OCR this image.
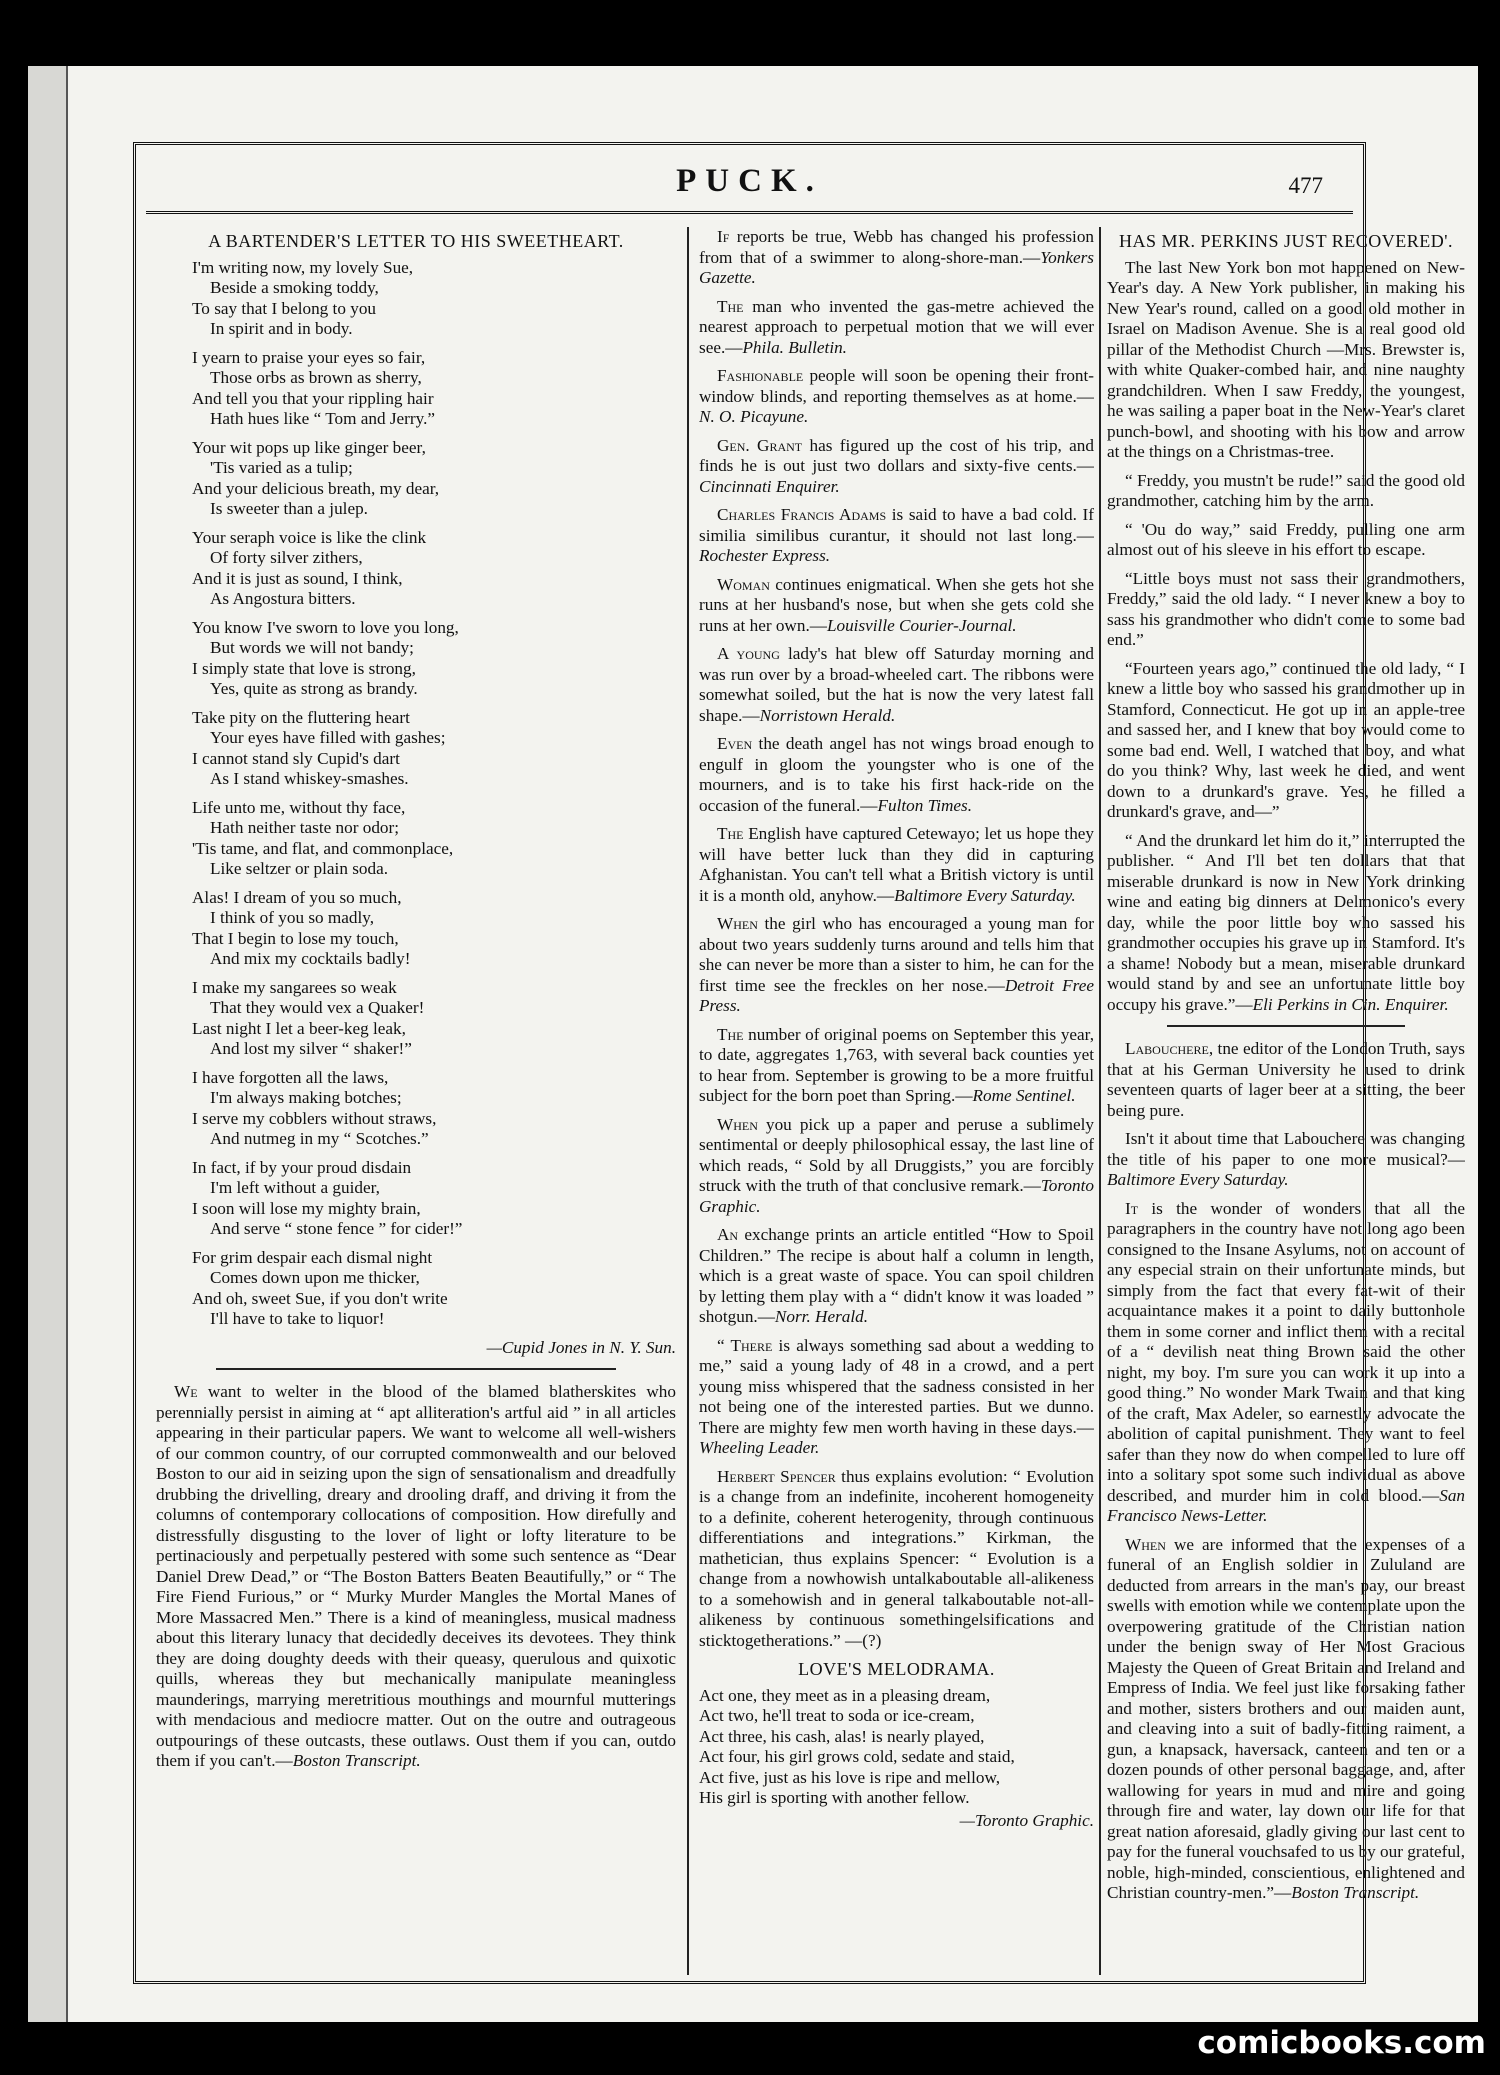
PUCK.	477
A BARTENDER'S LETTER TO HIS SWEETHEART.
I'm writing now, my lovely Sue,
Beside a smoking toddy,
To say that I belong to you
In spirit and in body.
I yearn to praise your eyes so fair,
Those orbs as brown as sherry,
And tell you that your rippling hair
Hath hues like “ Tom and Jerry.”
Your wit pops up like ginger beer,
'Tis varied as a tulip;
And your delicious breath, my dear,
Is sweeter than a julep.
Your seraph voice is like the clink
Of forty silver zithers,
And it is just as sound, I think,
As Angostura bitters.
You know I've sworn to love you long,
But words we will not bandy;
I simply state that love is strong,
Yes, quite as strong as brandy.
Take pity on the fluttering heart
Your eyes have filled with gashes;
I cannot stand sly Cupid's dart
As I stand whiskey-smashes.
Life unto me, without thy face,
Hath neither taste nor odor;
'Tis tame, and flat, and commonplace,
Like seltzer or plain soda.
Alas! I dream of you so much,
I think of you so madly,
That I begin to lose my touch,
And mix my cocktails badly!
I make my sangarees so weak
That they would vex a Quaker!
Last night I let a beer-keg leak,
And lost my silver “ shaker!”
I have forgotten all the laws,
I'm always making botches;
I serve my cobblers without straws,
And nutmeg in my “ Scotches.”
In fact, if by your proud disdain
I'm left without a guider,
I soon will lose my mighty brain,
And serve “ stone fence ” for cider!”
For grim despair each dismal night
Comes down upon me thicker,
And oh, sweet Sue, if you don't write
I'll have to take to liquor!
—Cupid Jones in N. Y. Sun.

We want to welter in the blood of the blamed blatherskites who perennially persist in aiming at “ apt alliteration's artful aid ” in all articles appearing in their particular papers. We want to welcome all well-wishers of our common country, of our corrupted commonwealth and our beloved Boston to our aid in seizing upon the sign of sensationalism and dreadfully drubbing the drivelling, dreary and drooling draff, and driving it from the columns of contemporary collocations of composition. How direfully and distressfully disgusting to the lover of light or lofty literature to be pertinaciously and perpetually pestered with some such sentence as “Dear Daniel Drew Dead,” or “The Boston Batters Beaten Beautifully,” or “ The Fire Fiend Furious,” or “ Murky Murder Mangles the Mortal Manes of More Massacred Men.” There is a kind of meaningless, musical madness about this literary lunacy that decidedly deceives its devotees. They think they are doing doughty deeds with their queasy, querulous and quixotic quills, whereas they but mechanically manipulate meaningless maunderings, marrying meretritious mouthings and mournful mutterings with mendacious and mediocre matter. Out on the outre and outrageous outpourings of these outcasts, these outlaws. Oust them if you can, outdo them if you can't.—Boston Transcript.

If reports be true, Webb has changed his profession from that of a swimmer to along-shore-man.—Yonkers Gazette.

The man who invented the gas-metre achieved the nearest approach to perpetual motion that we will ever see.—Phila. Bulletin.

Fashionable people will soon be opening their front-window blinds, and reporting themselves as at home.—N. O. Picayune.

Gen. Grant has figured up the cost of his trip, and finds he is out just two dollars and sixty-five cents.—Cincinnati Enquirer.

Charles Francis Adams is said to have a bad cold. If similia similibus curantur, it should not last long.—Rochester Express.

Woman continues enigmatical. When she gets hot she runs at her husband's nose, but when she gets cold she runs at her own.—Louisville Courier-Journal.

A young lady's hat blew off Saturday morning and was run over by a broad-wheeled cart. The ribbons were somewhat soiled, but the hat is now the very latest fall shape.—Norristown Herald.

Even the death angel has not wings broad enough to engulf in gloom the youngster who is one of the mourners, and is to take his first hack-ride on the occasion of the funeral.—Fulton Times.

The English have captured Cetewayo; let us hope they will have better luck than they did in capturing Afghanistan. You can't tell what a British victory is until it is a month old, anyhow.—Baltimore Every Saturday.

When the girl who has encouraged a young man for about two years suddenly turns around and tells him that she can never be more than a sister to him, he can for the first time see the freckles on her nose.—Detroit Free Press.

The number of original poems on September this year, to date, aggregates 1,763, with several back counties yet to hear from. September is growing to be a more fruitful subject for the born poet than Spring.—Rome Sentinel.

When you pick up a paper and peruse a sublimely sentimental or deeply philosophical essay, the last line of which reads, “ Sold by all Druggists,” you are forcibly struck with the truth of that conclusive remark.—Toronto Graphic.

An exchange prints an article entitled “How to Spoil Children.” The recipe is about half a column in length, which is a great waste of space. You can spoil children by letting them play with a “ didn't know it was loaded ” shotgun.—Norr. Herald.

“ There is always something sad about a wedding to me,” said a young lady of 48 in a crowd, and a pert young miss whispered that the sadness consisted in her not being one of the interested parties. But we dunno. There are mighty few men worth having in these days.—Wheeling Leader.

Herbert Spencer thus explains evolution: “ Evolution is a change from an indefinite, incoherent homogeneity to a definite, coherent heterogenity, through continuous differentiations and integrations.” Kirkman, the mathetician, thus explains Spencer: “ Evolution is a change from a nowhowish untalkaboutable all-alikeness to a somehowish and in general talkaboutable not-all-alikeness by continuous somethingelsifications and sticktogetherations.” —(?)

LOVE'S MELODRAMA.
Act one, they meet as in a pleasing dream,
Act two, he'll treat to soda or ice-cream,
Act three, his cash, alas! is nearly played,
Act four, his girl grows cold, sedate and staid,
Act five, just as his love is ripe and mellow,
His girl is sporting with another fellow.
—Toronto Graphic.
HAS MR. PERKINS JUST RECOVERED'.

The last New York bon mot happened on New-Year's day. A New York publisher, in making his New Year's round, called on a good old mother in Israel on Madison Avenue. She is a real good old pillar of the Methodist Church —Mrs. Brewster is, with white Quaker-combed hair, and nine naughty grandchildren. When I saw Freddy, the youngest, he was sailing a paper boat in the New-Year's claret punch-bowl, and shooting with his bow and arrow at the things on a Christmas-tree.

“ Freddy, you mustn't be rude!” said the good old grandmother, catching him by the arm.

“ 'Ou do way,” said Freddy, pulling one arm almost out of his sleeve in his effort to escape.

“Little boys must not sass their grandmothers, Freddy,” said the old lady. “ I never knew a boy to sass his grandmother who didn't come to some bad end.”

“Fourteen years ago,” continued the old lady, “ I knew a little boy who sassed his grandmother up in Stamford, Connecticut. He got up in an apple-tree and sassed her, and I knew that boy would come to some bad end. Well, I watched that boy, and what do you think? Why, last week he died, and went down to a drunkard's grave. Yes, he filled a drunkard's grave, and—”

“ And the drunkard let him do it,” interrupted the publisher. “ And I'll bet ten dollars that that miserable drunkard is now in New York drinking wine and eating big dinners at Delmonico's every day, while the poor little boy who sassed his grandmother occupies his grave up in Stamford. It's a shame! Nobody but a mean, miserable drunkard would stand by and see an unfortunate little boy occupy his grave.”—Eli Perkins in Cin. Enquirer.

Labouchere, tne editor of the London Truth, says that at his German University he used to drink seventeen quarts of lager beer at a sitting, the beer being pure.

Isn't it about time that Labouchere was changing the title of his paper to one more musical?—Baltimore Every Saturday.

It is the wonder of wonders that all the paragraphers in the country have not long ago been consigned to the Insane Asylums, not on account of any especial strain on their unfortunate minds, but simply from the fact that every fat-wit of their acquaintance makes it a point to daily buttonhole them in some corner and inflict them with a recital of a “ devilish neat thing Brown said the other night, my boy. I'm sure you can work it up into a good thing.” No wonder Mark Twain and that king of the craft, Max Adeler, so earnestly advocate the abolition of capital punishment. They want to feel safer than they now do when compelled to lure off into a solitary spot some such individual as above described, and murder him in cold blood.—San Francisco News-Letter.

When we are informed that the expenses of a funeral of an English soldier in Zululand are deducted from arrears in the man's pay, our breast swells with emotion while we contemplate upon the overpowering gratitude of the Christian nation under the benign sway of Her Most Gracious Majesty the Queen of Great Britain and Ireland and Empress of India. We feel just like forsaking father and mother, sisters brothers and our maiden aunt, and cleaving into a suit of badly-fitting raiment, a gun, a knapsack, haversack, canteen and ten or a dozen pounds of other personal baggage, and, after wallowing for years in mud and mire and going through fire and water, lay down our life for that great nation aforesaid, gladly giving our last cent to pay for the funeral vouchsafed to us by our grateful, noble, high-minded, conscientious, enlightened and Christian country-men.”—Boston Transcript.

comicbooks.com
